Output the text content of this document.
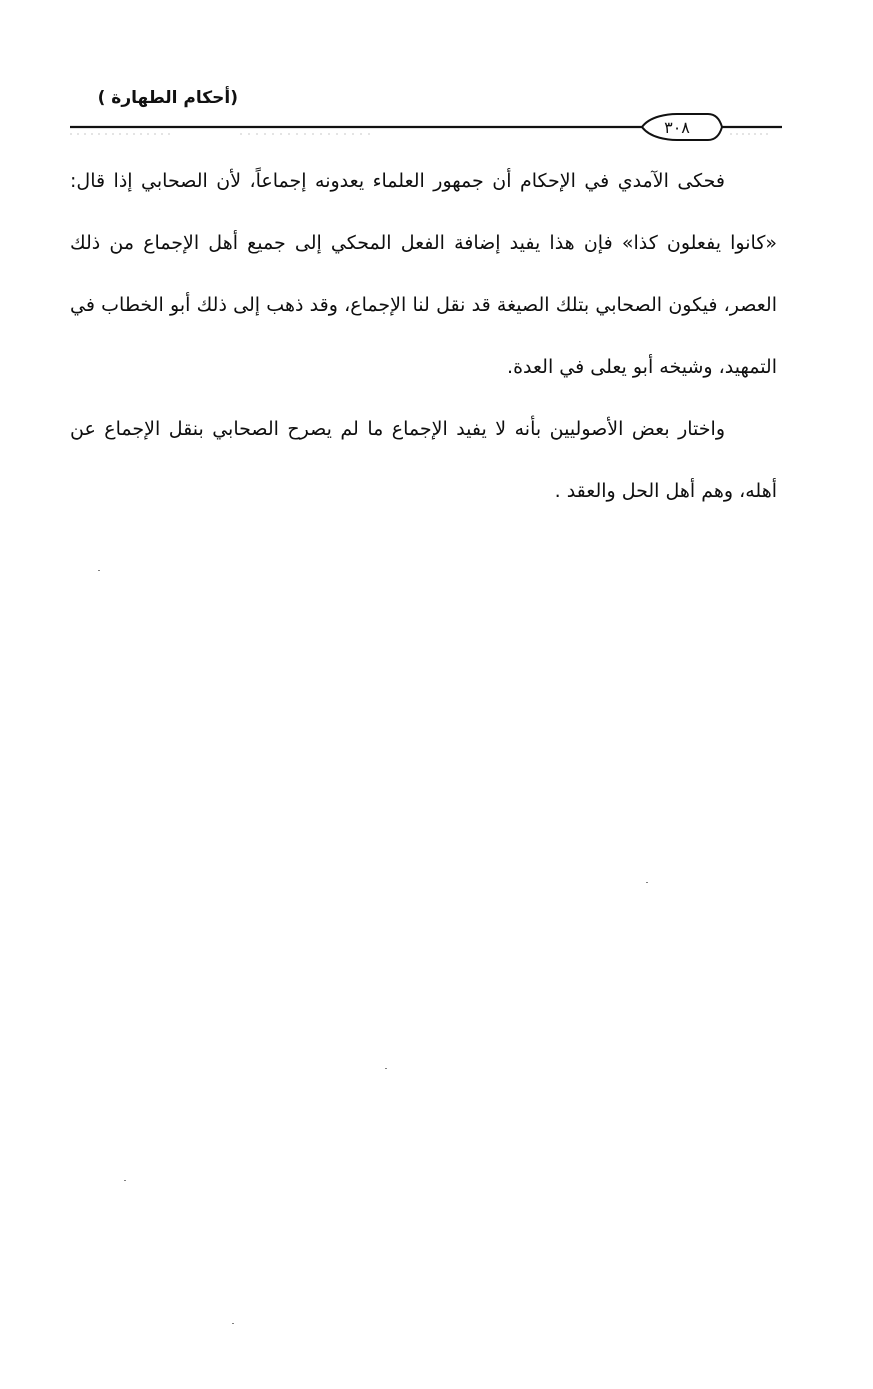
(أحكام الطهارة )
٣٠٨

فحكى الآمدي في الإحكام أن جمهور العلماء يعدونه إجماعاً، لأن الصحابي إذا قال: «كانوا يفعلون كذا» فإن هذا يفيد إضافة الفعل المحكي إلى جميع أهل الإجماع من ذلك العصر، فيكون الصحابي بتلك الصيغة قد نقل لنا الإجماع، وقد ذهب إلى ذلك أبو الخطاب في التمهيد، وشيخه أبو يعلى في العدة.

واختار بعض الأصوليين بأنه لا يفيد الإجماع ما لم يصرح الصحابي بنقل الإجماع عن أهله، وهم أهل الحل والعقد .
